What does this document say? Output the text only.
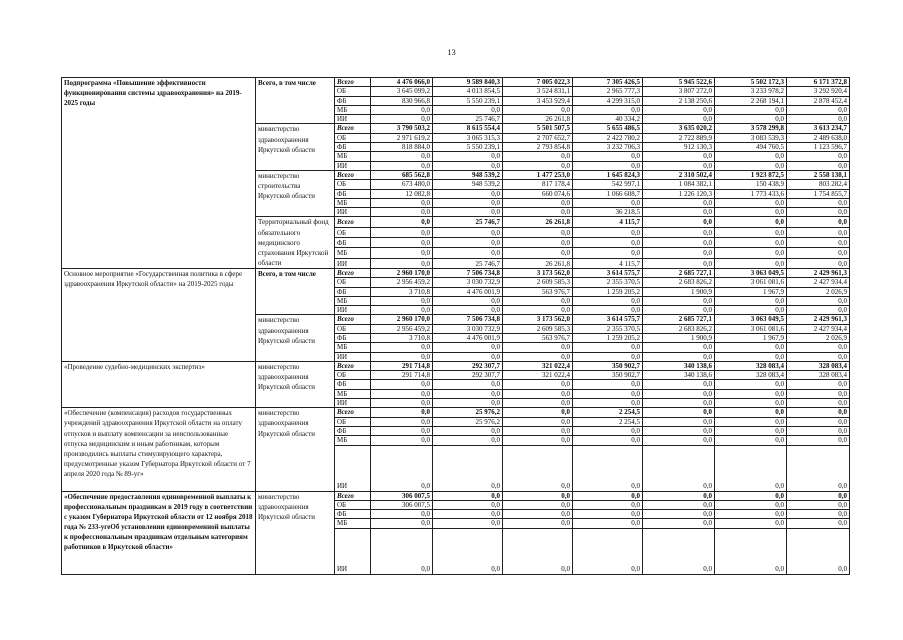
13
Подпрограмма «Повышение эффективности функционирования системы здравоохранения» на 2019-2025 годы	Всего, в том числе	Всего	4 476 066,0	9 589 840,3	7 005 022,3	7 305 426,5	5 945 522,6	5 502 172,3	6 171 372,8
		ОБ	3 645 099,2	4 013 854,5	3 524 831,1	2 965 777,3	3 807 272,0	3 233 978,2	3 292 920,4
		ФБ	830 966,8	5 550 239,1	3 453 929,4	4 299 315,0	2 138 250,6	2 268 194,1	2 878 452,4
		МБ	0,0	0,0	0,0	0,0	0,0	0,0	0,0
		ИИ	0,0	25 746,7	26 261,8	40 334,2	0,0	0,0	0,0
	министерство здравоохранения Иркутской области	Всего	3 790 503,2	8 615 554,4	5 501 507,5	5 655 486,5	3 635 020,2	3 578 299,8	3 613 234,7
		ОБ	2 971 619,2	3 065 315,3	2 707 652,7	2 422 780,2	2 722 889,9	3 083 539,3	2 489 638,0
		ФБ	818 884,0	5 550 239,1	2 793 854,8	3 232 706,3	912 130,3	494 760,5	1 123 596,7
		МБ	0,0	0,0	0,0	0,0	0,0	0,0	0,0
		ИИ	0,0	0,0	0,0	0,0	0,0	0,0	0,0
	министерство строительства Иркутской области	Всего	685 562,8	948 539,2	1 477 253,0	1 645 824,3	2 310 502,4	1 923 872,5	2 558 138,1
		ОБ	673 480,0	948 539,2	817 178,4	542 997,1	1 084 382,1	150 438,9	803 282,4
		ФБ	12 082,8	0,0	660 074,6	1 066 608,7	1 226 120,3	1 773 433,6	1 754 855,7
		МБ	0,0	0,0	0,0	0,0	0,0	0,0	0,0
		ИИ	0,0	0,0	0,0	36 218,5	0,0	0,0	0,0
	Территориальный фонд обязательного медицинского страхования Иркутской области	Всего	0,0	25 746,7	26 261,8	4 115,7	0,0	0,0	0,0
		ОБ	0,0	0,0	0,0	0,0	0,0	0,0	0,0
		ФБ	0,0	0,0	0,0	0,0	0,0	0,0	0,0
		МБ	0,0	0,0	0,0	0,0	0,0	0,0	0,0
		ИИ	0,0	25 746,7	26 261,8	4 115,7	0,0	0,0	0,0
Основное мероприятие «Государственная политика в сфере здравоохранения Иркутской области» на 2019-2025 годы	Всего, в том числе	Всего	2 960 170,0	7 506 734,8	3 173 562,0	3 614 575,7	2 685 727,1	3 063 049,5	2 429 961,3
		ОБ	2 956 459,2	3 030 732,9	2 609 585,3	2 355 370,5	2 683 826,2	3 061 081,6	2 427 934,4
		ФБ	3 710,8	4 476 001,9	563 976,7	1 259 205,2	1 900,9	1 967,9	2 026,9
		МБ	0,0	0,0	0,0	0,0	0,0	0,0	0,0
		ИИ	0,0	0,0	0,0	0,0	0,0	0,0	0,0
	министерство здравоохранения Иркутской области	Всего	2 960 170,0	7 506 734,8	3 173 562,0	3 614 575,7	2 685 727,1	3 063 049,5	2 429 961,3
		ОБ	2 956 459,2	3 030 732,9	2 609 585,3	2 355 370,5	2 683 826,2	3 061 081,6	2 427 934,4
		ФБ	3 710,8	4 476 001,9	563 976,7	1 259 205,2	1 900,9	1 967,9	2 026,9
		МБ	0,0	0,0	0,0	0,0	0,0	0,0	0,0
		ИИ	0,0	0,0	0,0	0,0	0,0	0,0	0,0
«Проведение судебно-медицинских экспертиз»	министерство здравоохранения Иркутской области	Всего	291 714,8	292 307,7	321 022,4	350 902,7	340 138,6	328 083,4	328 083,4
		ОБ	291 714,8	292 307,7	321 022,4	350 902,7	340 138,6	328 083,4	328 083,4
		ФБ	0,0	0,0	0,0	0,0	0,0	0,0	0,0
		МБ	0,0	0,0	0,0	0,0	0,0	0,0	0,0
		ИИ	0,0	0,0	0,0	0,0	0,0	0,0	0,0
«Обеспечение (компенсация) расходов государственных учреждений здравоохранения Иркутской области на оплату отпусков и выплату компенсации за неиспользованные отпуска медицинским и иным работникам, которым производились выплаты стимулирующего характера, предусмотренные указом Губернатора Иркутской области от 7 апреля 2020 года № 89-уг»	министерство здравоохранения Иркутской области	Всего	0,0	25 976,2	0,0	2 254,5	0,0	0,0	0,0
		ОБ	0,0	25 976,2	0,0	2 254,5	0,0	0,0	0,0
		ФБ	0,0	0,0	0,0	0,0	0,0	0,0	0,0
		МБ	0,0	0,0	0,0	0,0	0,0	0,0	0,0
		ИИ	0,0	0,0	0,0	0,0	0,0	0,0	0,0
«Обеспечение предоставления единовременной выплаты к профессиональным праздникам в 2019 году в соответствии с указом Губернатора Иркутской области от 12 ноября 2018 года № 233-угеОб установлении единовременной выплаты к профессиональным праздникам отдельным категориям работников в Иркутской области»	министерство здравоохранения Иркутской области	Всего	306 007,5	0,0	0,0	0,0	0,0	0,0	0,0
		ОБ	306 007,5	0,0	0,0	0,0	0,0	0,0	0,0
		ФБ	0,0	0,0	0,0	0,0	0,0	0,0	0,0
		МБ	0,0	0,0	0,0	0,0	0,0	0,0	0,0
		ИИ	0,0	0,0	0,0	0,0	0,0	0,0	0,0
